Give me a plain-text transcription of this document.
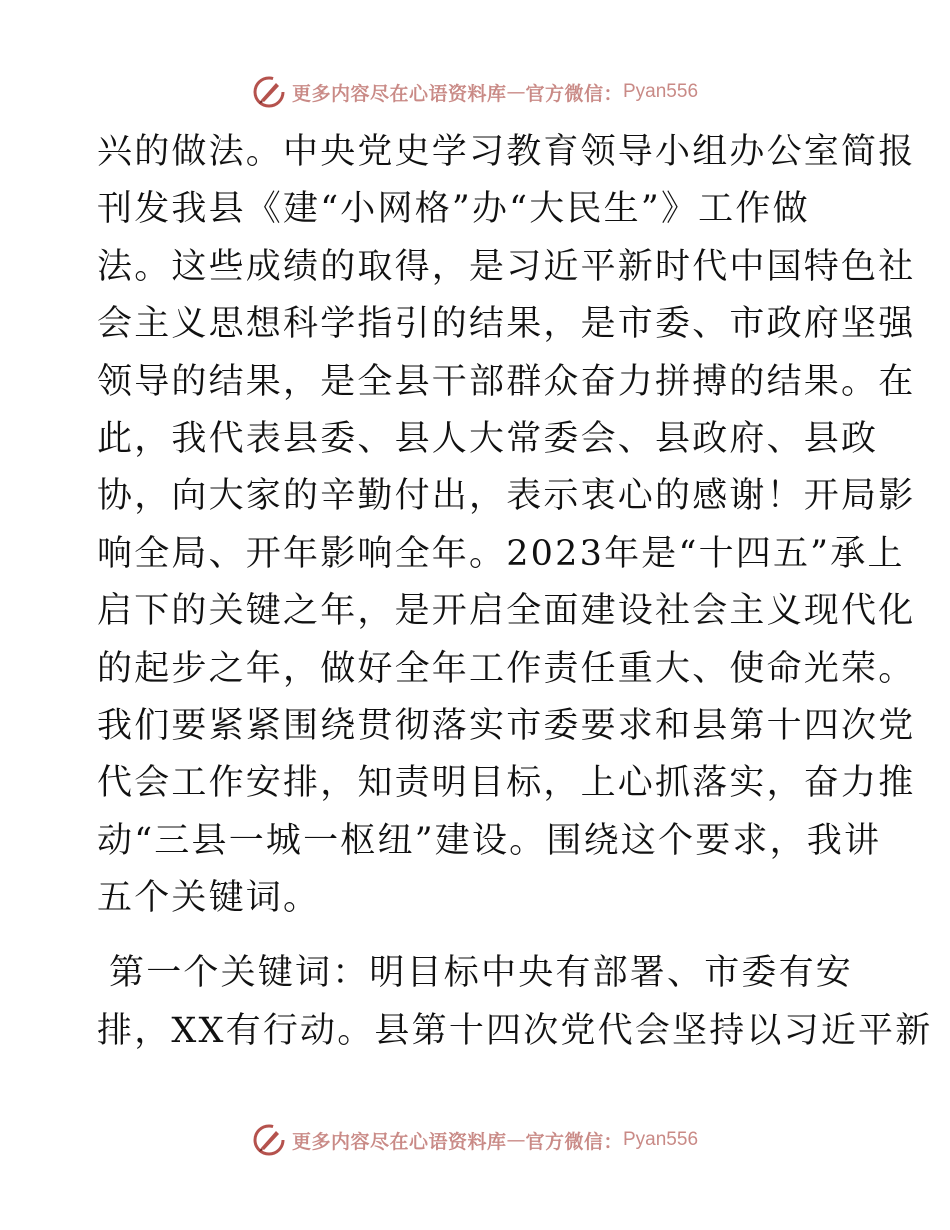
更多内容尽在心语资料库 — 官方微信： Pyan556
兴的做法。中央党史学习教育领导小组办公室简报
刊发我县《建“小网格”办“大民生”》工作做
法。这些成绩的取得，是习近平新时代中国特色社
会主义思想科学指引的结果，是市委、市政府坚强
领导的结果，是全县干部群众奋力拼搏的结果。在
此，我代表县委、县人大常委会、县政府、县政
协，向大家的辛勤付出，表示衷心的感谢！开局影
响全局、开年影响全年。2023年是“十四五”承上
启下的关键之年，是开启全面建设社会主义现代化
的起步之年，做好全年工作责任重大、使命光荣。
我们要紧紧围绕贯彻落实市委要求和县第十四次党
代会工作安排，知责明目标，上心抓落实，奋力推
动“三县一城一枢纽”建设。围绕这个要求，我讲
五个关键词。
第一个关键词：明目标中央有部署、市委有安
排，XX有行动。县第十四次党代会坚持以习近平新
更多内容尽在心语资料库 — 官方微信： Pyan556
